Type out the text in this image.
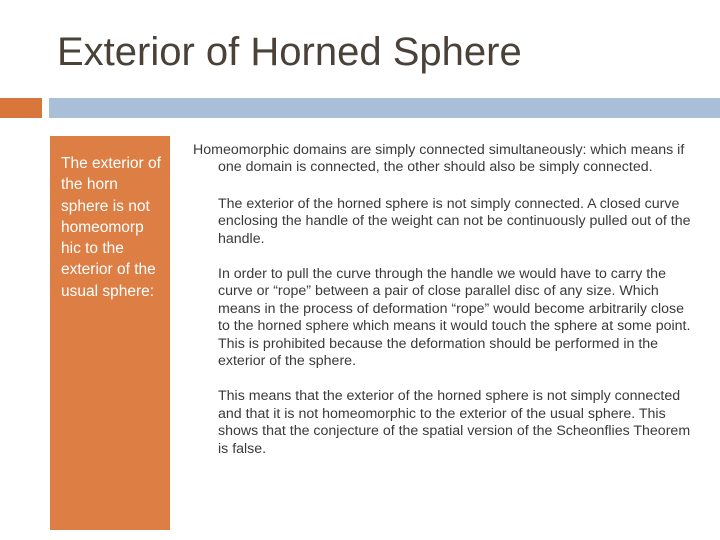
Exterior of Horned Sphere

The exterior of the horn sphere is not homeomorp hic to the exterior of the usual sphere:

Homeomorphic domains are simply connected simultaneously: which means if one domain is connected, the other should also be simply connected.

The exterior of the horned sphere is not simply connected. A closed curve enclosing the handle of the weight can not be continuously pulled out of the handle.

In order to pull the curve through the handle we would have to carry the curve or “rope” between a pair of close parallel disc of any size. Which means in the process of deformation “rope” would become arbitrarily close to the horned sphere which means it would touch the sphere at some point. This is prohibited because the deformation should be performed in the exterior of the sphere.

This means that the exterior of the horned sphere is not simply connected and that it is not homeomorphic to the exterior of the usual sphere. This shows that the conjecture of the spatial version of the Scheonflies Theorem is false.
